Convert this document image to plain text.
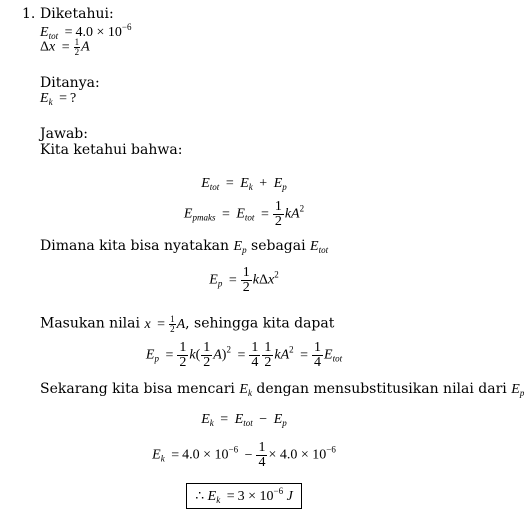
1. Diketahui:
$E_{tot} = 4.0 \times 10^{-6}$
$\Delta x = \frac{1}{2}$ A
Ditanya:
$E_k$ = ?
Jawab:
Kita ketahui bahwa:
$E_{tot} = E_k + E_p$
$E_{pmaks} = E_{tot} = \frac{1}{2} kA^2$
Dimana kita bisa nyatakan $E_p$ sebagai $E_{tot}$
$E_p = \frac{1}{2} k\Delta x^2$
Masukan nilai $x = \frac{1}{2} A$, sehingga kita dapat
$E_p = \frac{1}{2} k( \frac{1}{2} A)^2 = \frac{1}{4} \frac{1}{2} kA^2 = \frac{1}{4} E_{tot}$
Sekarang kita bisa mencari $E_k$ dengan mensubstitusikan nilai dari $E_p$
$E_k = E_{tot} - E_p$
$E_k = 4.0 \times 10^{-6} - \frac{1}{4} \times 4.0 \times 10^{-6}$
∴ $E_k = 3 \times 10^{-6}$ J
